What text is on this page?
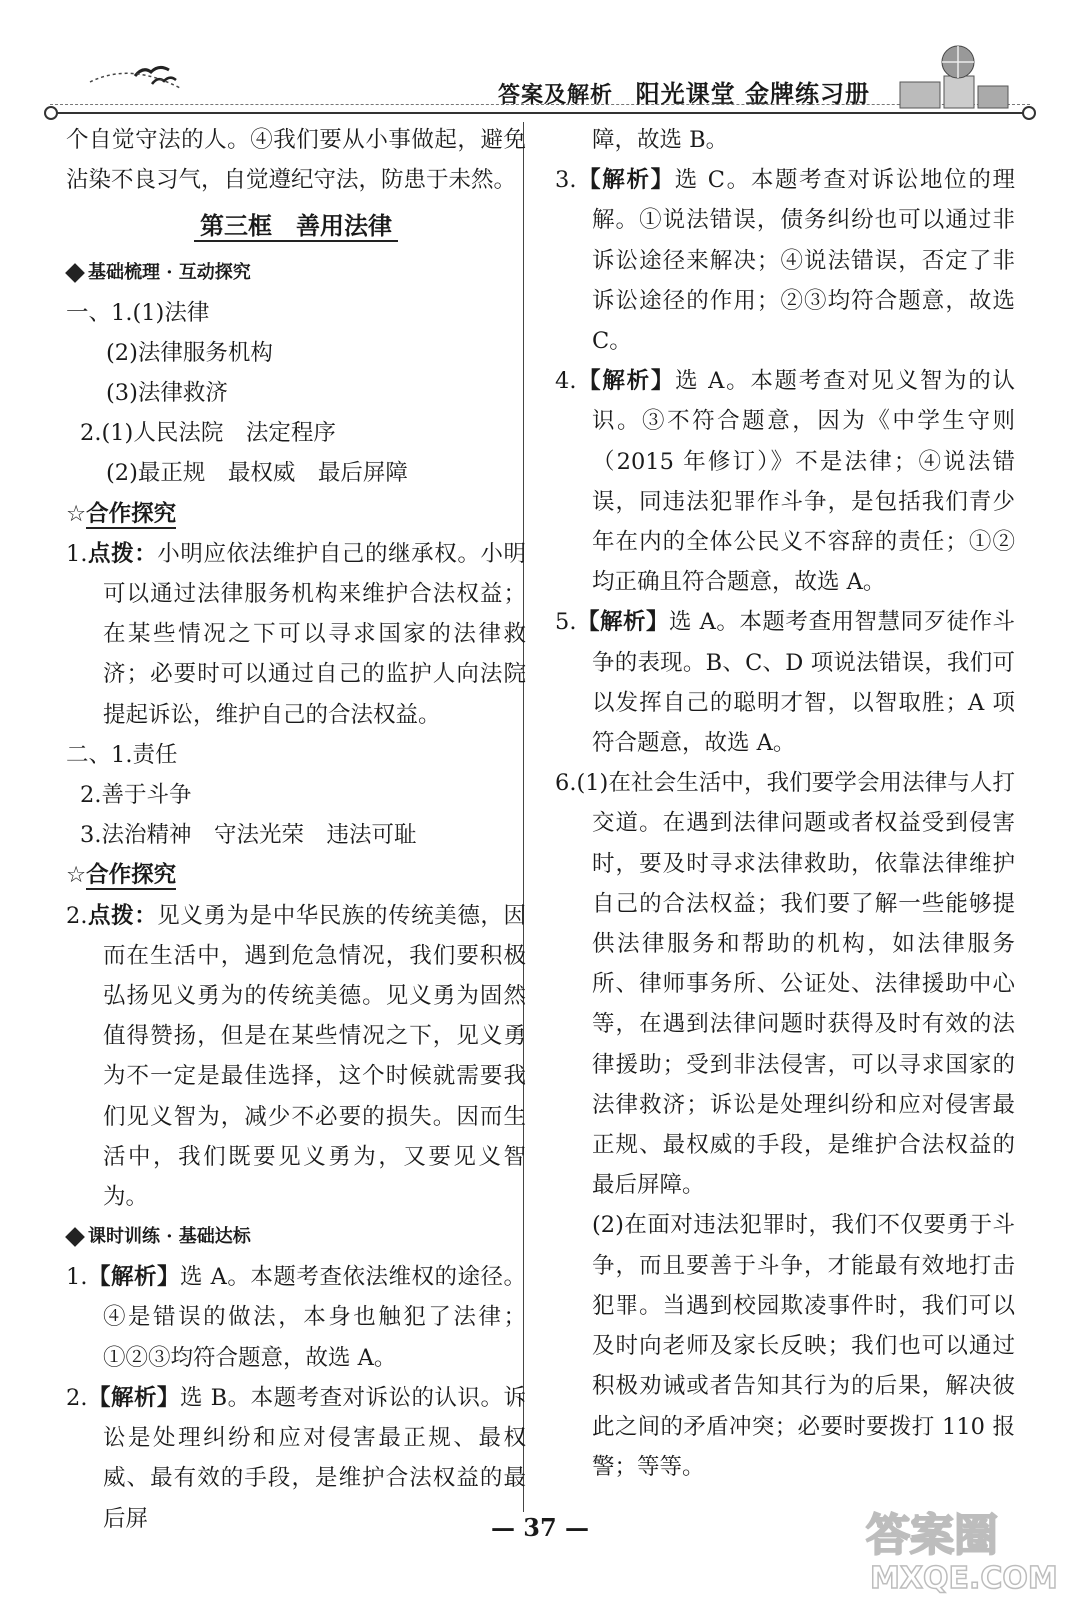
答案及解析 阳光课堂 金牌练习册

个自觉守法的人。④我们要从小事做起，避免沾染不良习气，自觉遵纪守法，防患于未然。

第三框　善用法律

基础梳理 · 互动探究

一、1.(1)法律

(2)法律服务机构

(3)法律救济

2.(1)人民法院　法定程序

(2)最正规　最权威　最后屏障

☆合作探究

1.点拨：小明应依法维护自己的继承权。小明可以通过法律服务机构来维护合法权益；在某些情况之下可以寻求国家的法律救济；必要时可以通过自己的监护人向法院提起诉讼，维护自己的合法权益。

二、1.责任

2.善于斗争

3.法治精神　守法光荣　违法可耻

☆合作探究

2.点拨：见义勇为是中华民族的传统美德，因而在生活中，遇到危急情况，我们要积极弘扬见义勇为的传统美德。见义勇为固然值得赞扬，但是在某些情况之下，见义勇为不一定是最佳选择，这个时候就需要我们见义智为，减少不必要的损失。因而生活中，我们既要见义勇为，又要见义智为。

课时训练 · 基础达标

1.【解析】选 A。本题考查依法维权的途径。④是错误的做法，本身也触犯了法律；①②③均符合题意，故选 A。

2.【解析】选 B。本题考查对诉讼的认识。诉讼是处理纠纷和应对侵害最正规、最权威、最有效的手段，是维护合法权益的最后屏

障，故选 B。

3.【解析】选 C。本题考查对诉讼地位的理解。①说法错误，债务纠纷也可以通过非诉讼途径来解决；④说法错误，否定了非诉讼途径的作用；②③均符合题意，故选 C。

4.【解析】选 A。本题考查对见义智为的认识。③不符合题意，因为《中学生守则（2015 年修订）》不是法律；④说法错误，同违法犯罪作斗争，是包括我们青少年在内的全体公民义不容辞的责任；①②均正确且符合题意，故选 A。

5.【解析】选 A。本题考查用智慧同歹徒作斗争的表现。B、C、D 项说法错误，我们可以发挥自己的聪明才智，以智取胜；A 项符合题意，故选 A。

6.(1)在社会生活中，我们要学会用法律与人打交道。在遇到法律问题或者权益受到侵害时，要及时寻求法律救助，依靠法律维护自己的合法权益；我们要了解一些能够提供法律服务和帮助的机构，如法律服务所、律师事务所、公证处、法律援助中心等，在遇到法律问题时获得及时有效的法律援助；受到非法侵害，可以寻求国家的法律救济；诉讼是处理纠纷和应对侵害最正规、最权威的手段，是维护合法权益的最后屏障。

(2)在面对违法犯罪时，我们不仅要勇于斗争，而且要善于斗争，才能最有效地打击犯罪。当遇到校园欺凌事件时，我们可以及时向老师及家长反映；我们也可以通过积极劝诫或者告知其行为的后果，解决彼此之间的矛盾冲突；必要时要拨打 110 报警；等等。

— 37 —	答案圈
MXQE.COM
